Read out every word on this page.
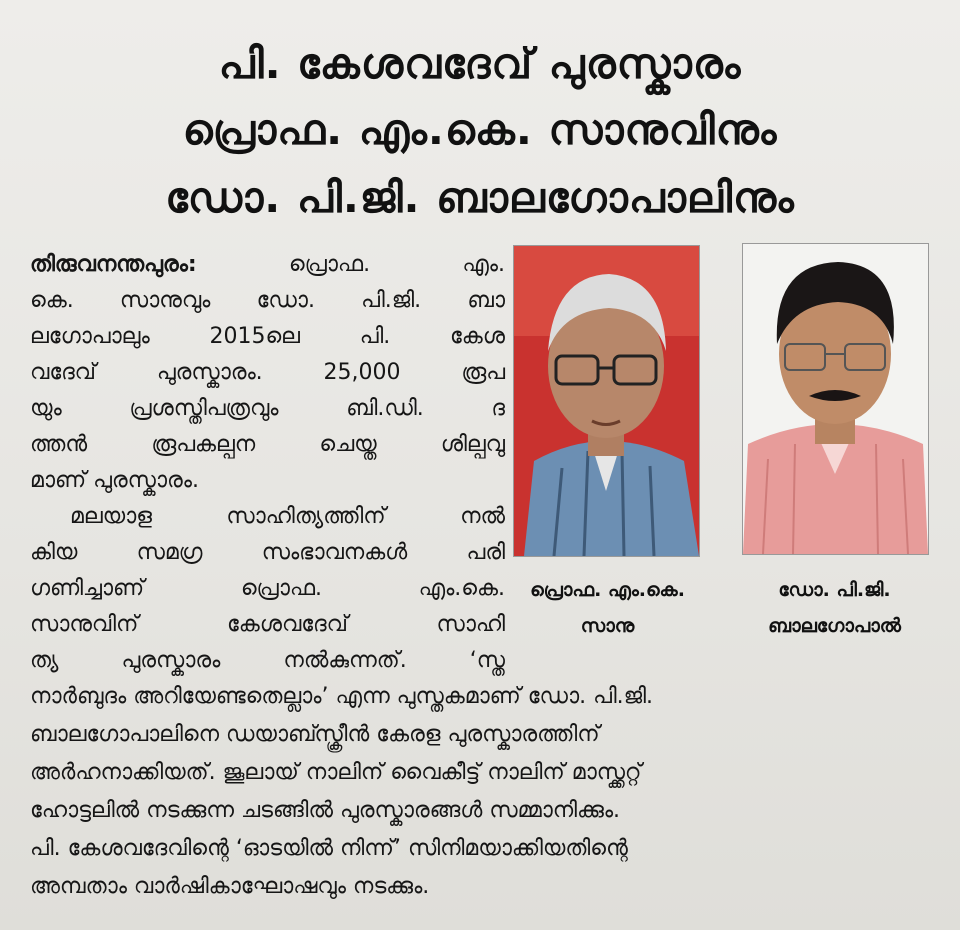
പി. കേശവദേവ് പുരസ്കാരം
പ്രൊഫ. എം.കെ. സാനുവിനും
ഡോ. പി.ജി. ബാലഗോപാലിനും
തിരുവനന്തപുരം: പ്രൊഫ. എം.
കെ. സാനുവും ഡോ. പി.ജി. ബാ
ലഗോപാലും 2015ലെ പി. കേശ
വദേവ് പുരസ്കാരം. 25,000 രൂപ
യും പ്രശസ്തിപത്രവും ബി.ഡി. ദ
ത്തൻ രൂപകല്പന ചെയ്ത ശില്പവു
മാണ് പുരസ്കാരം.
മലയാള സാഹിത്യത്തിന് നൽ
കിയ സമഗ്ര സംഭാവനകൾ പരി
ഗണിച്ചാണ് പ്രൊഫ. എം.കെ.
സാനുവിന് കേശവദേവ് സാഹി
ത്യ പുരസ്കാരം നൽകുന്നത്. ‘സ്ത
നാർബുദം അറിയേണ്ടതെല്ലാം’ എന്ന പുസ്തകമാണ് ഡോ. പി.ജി.
ബാലഗോപാലിനെ ഡയാബ്സ്ക്രീൻ കേരള പുരസ്കാരത്തിന്
അർഹനാക്കിയത്. ജൂലായ് നാലിന് വൈകീട്ട് നാലിന് മാസ്ക്കറ്റ്
ഹോട്ടലിൽ നടക്കുന്ന ചടങ്ങിൽ പുരസ്കാരങ്ങൾ സമ്മാനിക്കും.
പി. കേശവദേവിന്റെ ‘ഓടയിൽ നിന്ന്’ സിനിമയാക്കിയതിന്റെ
അമ്പതാം വാർഷികാഘോഷവും നടക്കും.
പ്രൊഫ. എം.കെ.
സാനു
ഡോ. പി.ജി.
ബാലഗോപാൽ
